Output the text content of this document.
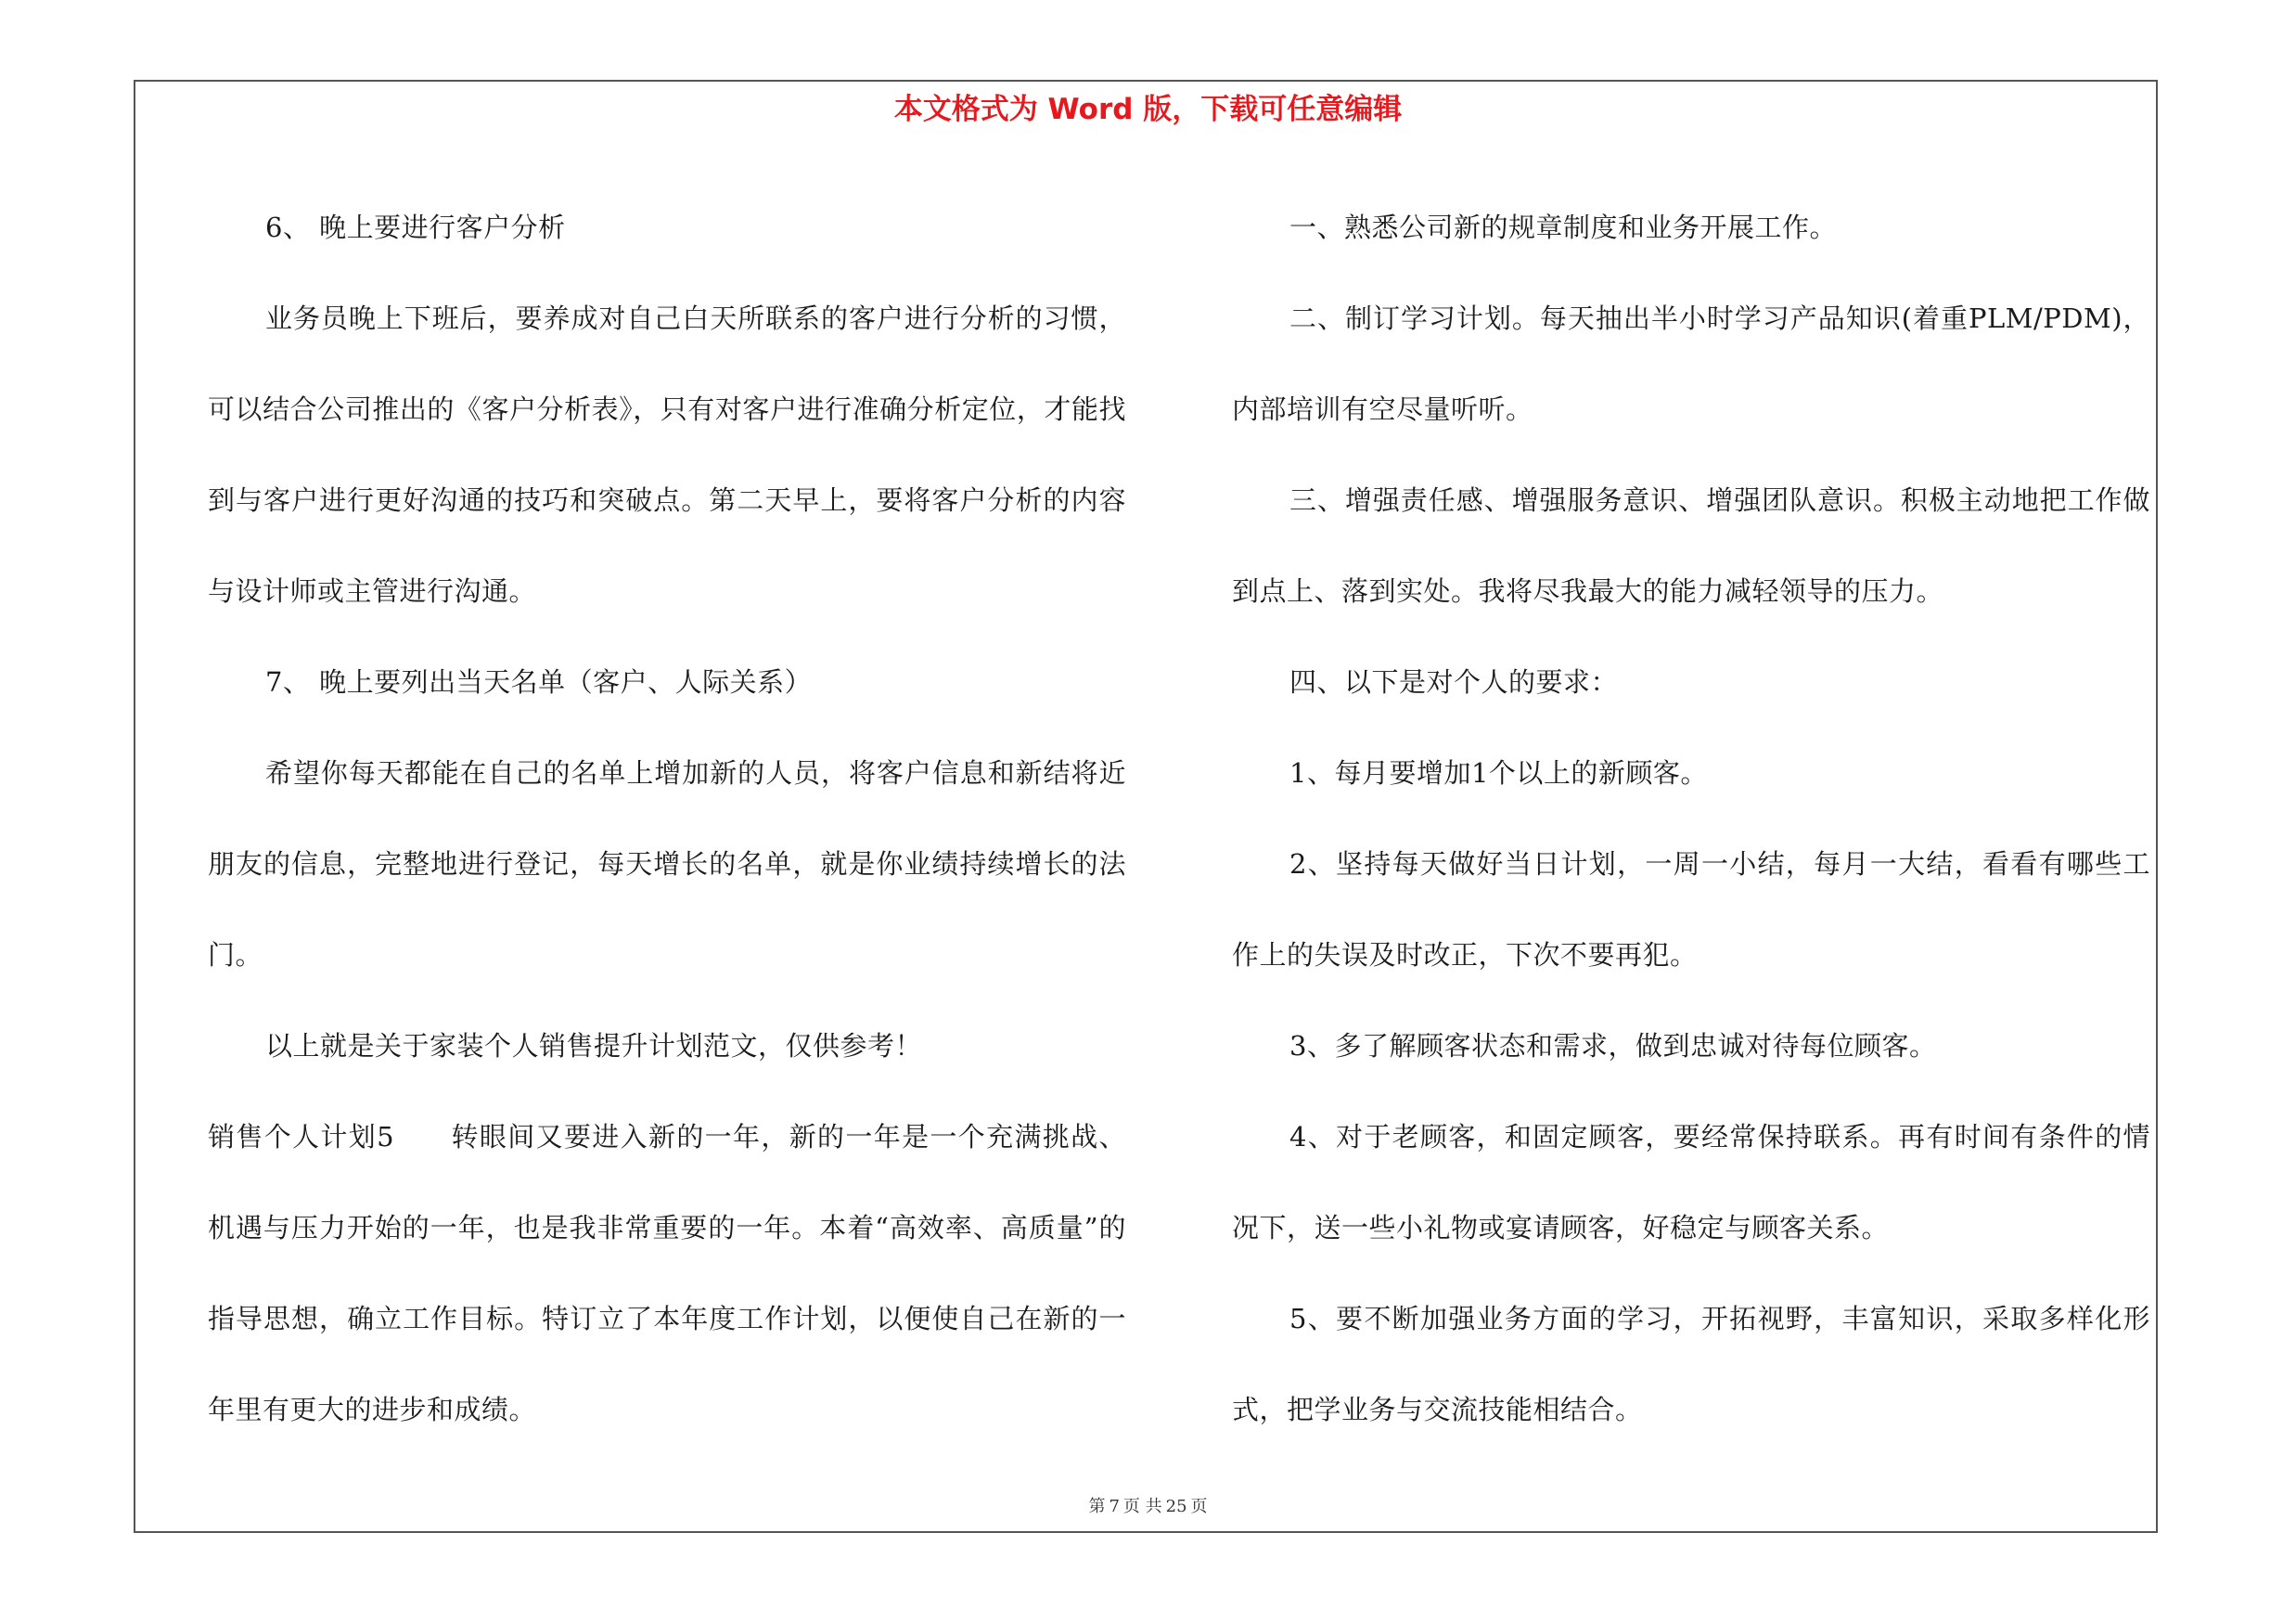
本文格式为 Word 版，下载可任意编辑

6、 晚上要进行客户分析

业务员晚上下班后，要养成对自己白天所联系的客户进行分析的习惯，可以结合公司推出的《客户分析表》，只有对客户进行准确分析定位，才能找到与客户进行更好沟通的技巧和突破点。第二天早上，要将客户分析的内容与设计师或主管进行沟通。

7、 晚上要列出当天名单（客户、人际关系）

希望你每天都能在自己的名单上增加新的人员，将客户信息和新结将近朋友的信息，完整地进行登记，每天增长的名单，就是你业绩持续增长的法门。

以上就是关于家装个人销售提升计划范文，仅供参考！

销售个人计划5　　转眼间又要进入新的一年，新的一年是一个充满挑战、机遇与压力开始的一年，也是我非常重要的一年。本着“高效率、高质量”的指导思想，确立工作目标。特订立了本年度工作计划，以便使自己在新的一年里有更大的进步和成绩。

一、熟悉公司新的规章制度和业务开展工作。

二、制订学习计划。每天抽出半小时学习产品知识(着重PLM/PDM)，内部培训有空尽量听听。

三、增强责任感、增强服务意识、增强团队意识。积极主动地把工作做到点上、落到实处。我将尽我最大的能力减轻领导的压力。

四、以下是对个人的要求：

1、每月要增加1个以上的新顾客。

2、坚持每天做好当日计划，一周一小结，每月一大结，看看有哪些工作上的失误及时改正，下次不要再犯。

3、多了解顾客状态和需求，做到忠诚对待每位顾客。

4、对于老顾客，和固定顾客，要经常保持联系。再有时间有条件的情况下，送一些小礼物或宴请顾客，好稳定与顾客关系。

5、要不断加强业务方面的学习，开拓视野，丰富知识，采取多样化形式，把学业务与交流技能相结合。

第 7 页 共 25 页
